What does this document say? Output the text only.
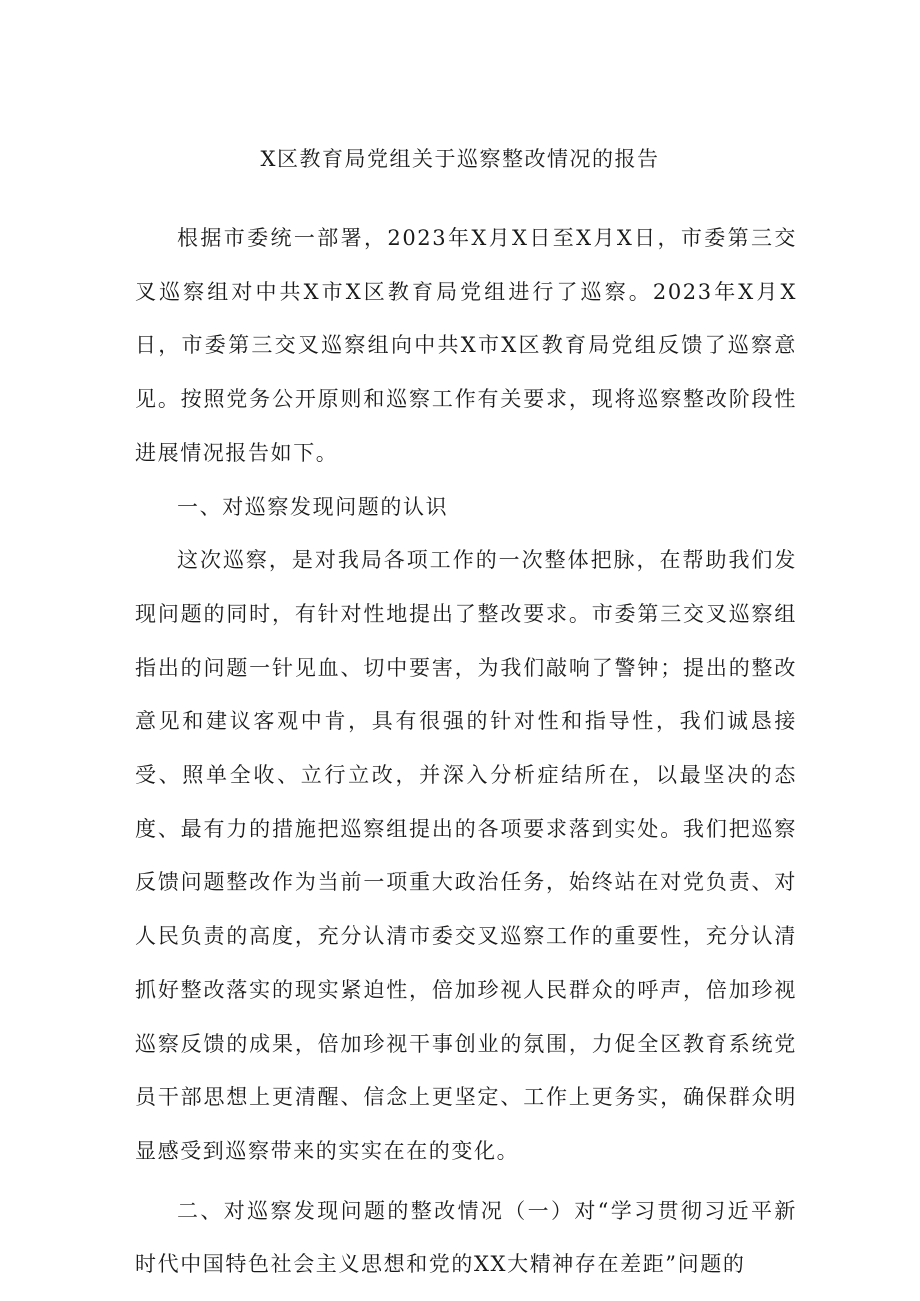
X区教育局党组关于巡察整改情况的报告

根据市委统一部署，2023年X月X日至X月X日，市委第三交叉巡察组对中共X市X区教育局党组进行了巡察。2023年X月X日，市委第三交叉巡察组向中共X市X区教育局党组反馈了巡察意见。按照党务公开原则和巡察工作有关要求，现将巡察整改阶段性进展情况报告如下。

一、对巡察发现问题的认识

这次巡察，是对我局各项工作的一次整体把脉，在帮助我们发现问题的同时，有针对性地提出了整改要求。市委第三交叉巡察组指出的问题一针见血、切中要害，为我们敲响了警钟；提出的整改意见和建议客观中肯，具有很强的针对性和指导性，我们诚恳接受、照单全收、立行立改，并深入分析症结所在，以最坚决的态度、最有力的措施把巡察组提出的各项要求落到实处。我们把巡察反馈问题整改作为当前一项重大政治任务，始终站在对党负责、对人民负责的高度，充分认清市委交叉巡察工作的重要性，充分认清抓好整改落实的现实紧迫性，倍加珍视人民群众的呼声，倍加珍视巡察反馈的成果，倍加珍视干事创业的氛围，力促全区教育系统党员干部思想上更清醒、信念上更坚定、工作上更务实，确保群众明显感受到巡察带来的实实在在的变化。

二、对巡察发现问题的整改情况（一）对“学习贯彻习近平新时代中国特色社会主义思想和党的XX大精神存在差距”问题的
